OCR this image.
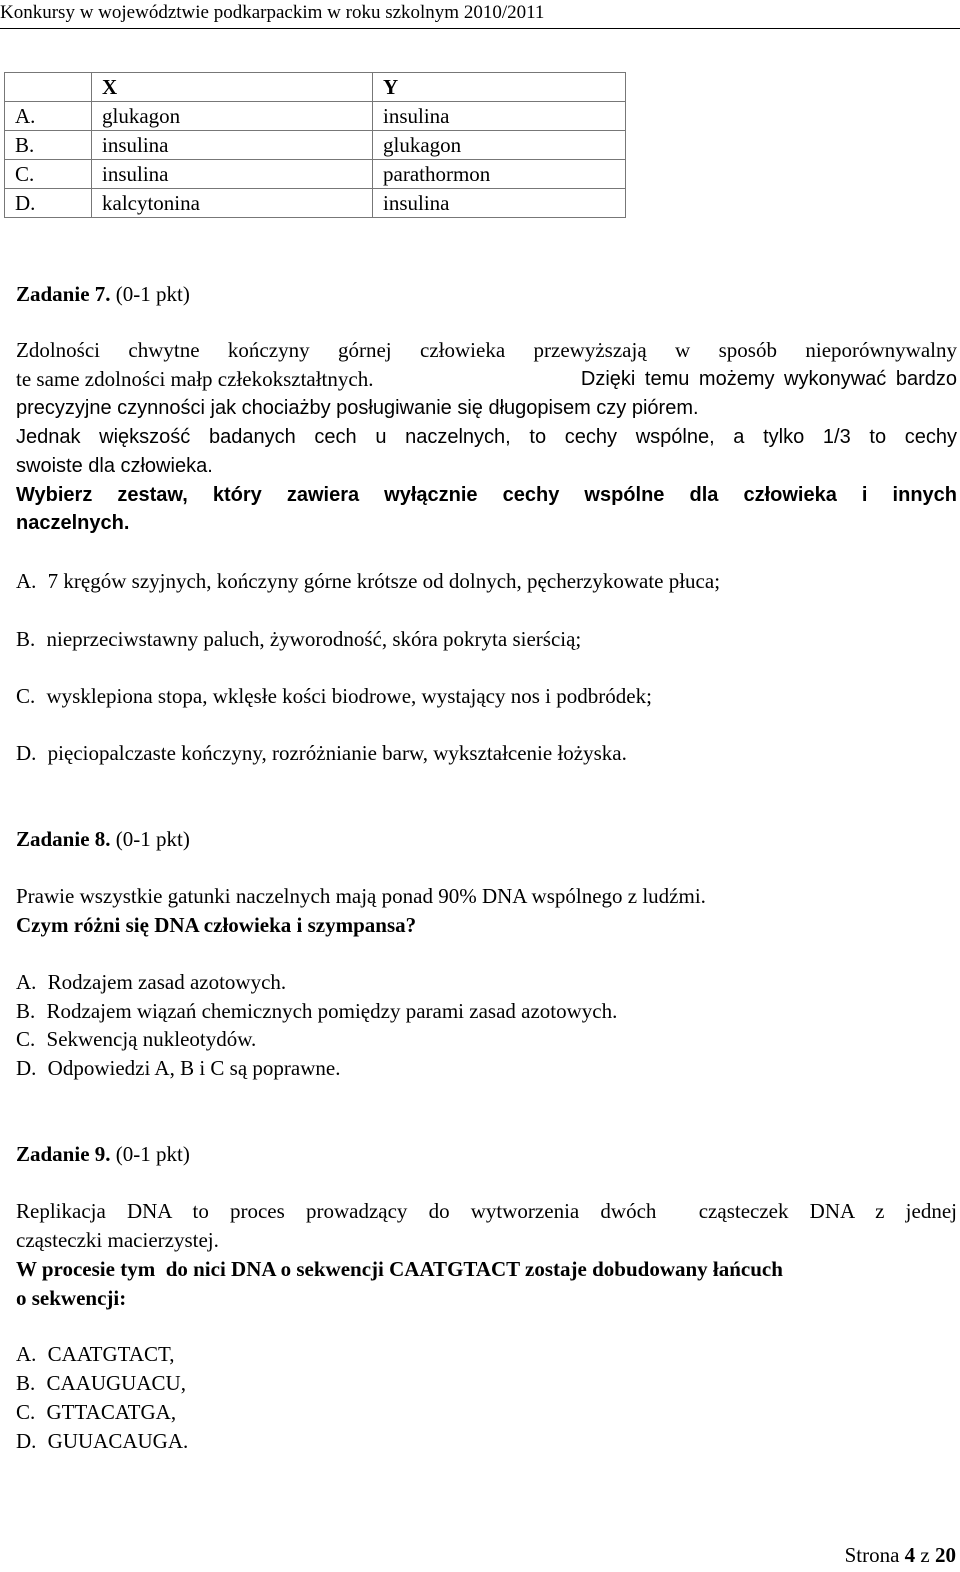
Konkursy w województwie podkarpackim w roku szkolnym 2010/2011
	X	Y
A.	glukagon	insulina
B.	insulina	glukagon
C.	insulina	parathormon
D.	kalcytonina	insulina
Zadanie 7. (0-1 pkt)
Zdolności chwytne kończyny górnej człowieka przewyższają w sposób nieporównywalny
te same zdolności małp człekokształtnych.	Dzięki temu możemy wykonywać bardzo
precyzyjne czynności jak chociażby posługiwanie się długopisem czy piórem.
Jednak większość badanych cech u naczelnych, to cechy wspólne, a tylko 1/3 to cechy
swoiste dla człowieka.
Wybierz zestaw, który zawiera wyłącznie cechy wspólne dla człowieka i innych
naczelnych.
A. 7 kręgów szyjnych, kończyny górne krótsze od dolnych, pęcherzykowate płuca;
B. nieprzeciwstawny paluch, żyworodność, skóra pokryta sierścią;
C. wysklepiona stopa, wklęsłe kości biodrowe, wystający nos i podbródek;
D. pięciopalczaste kończyny, rozróżnianie barw, wykształcenie łożyska.
Zadanie 8. (0-1 pkt)
Prawie wszystkie gatunki naczelnych mają ponad 90% DNA wspólnego z ludźmi.
Czym różni się DNA człowieka i szympansa?
A. Rodzajem zasad azotowych.
B. Rodzajem wiązań chemicznych pomiędzy parami zasad azotowych.
C. Sekwencją nukleotydów.
D. Odpowiedzi A, B i C są poprawne.
Zadanie 9. (0-1 pkt)
Replikacja DNA to proces prowadzący do wytworzenia dwóch  cząsteczek DNA z jednej
cząsteczki macierzystej.
W procesie tym  do nici DNA o sekwencji CAATGTACT zostaje dobudowany łańcuch
o sekwencji:
A. CAATGTACT,
B. CAAUGUACU,
C. GTTACATGA,
D. GUUACAUGA.
Strona 4 z 20
